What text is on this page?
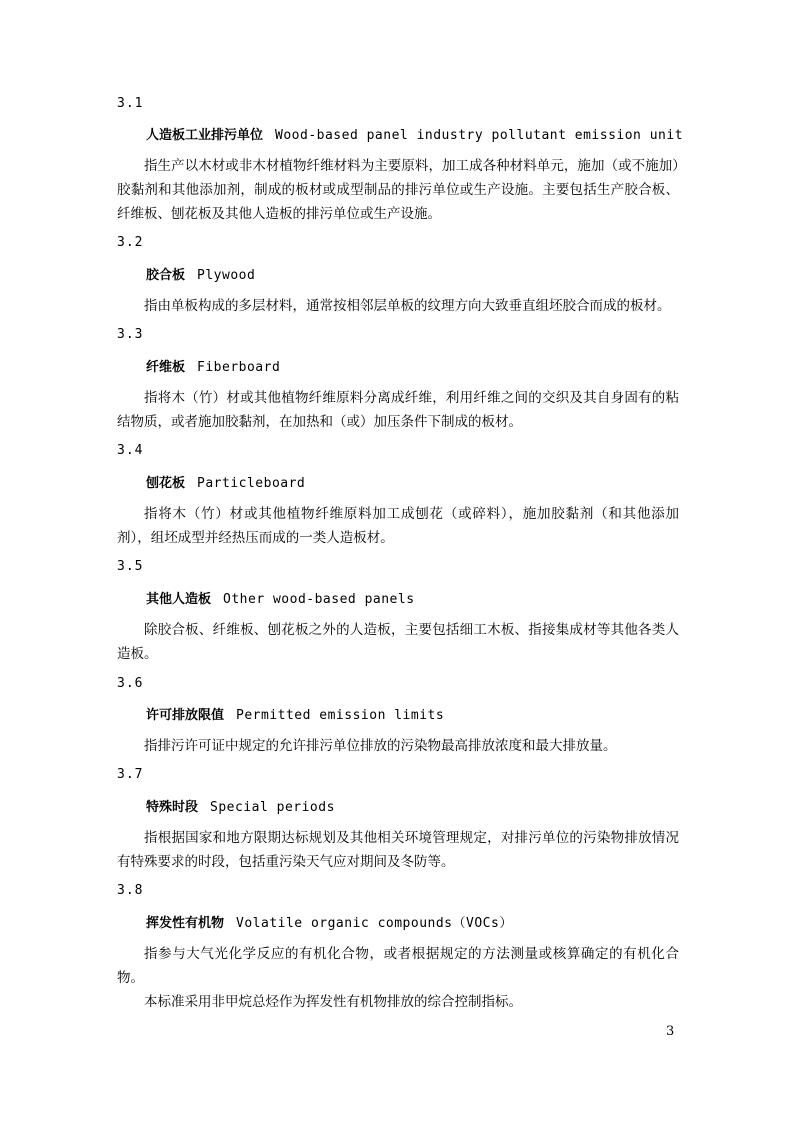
3.1
人造板工业排污单位 Wood-based panel industry pollutant emission unit
指生产以木材或非木材植物纤维材料为主要原料，加工成各种材料单元，施加（或不施加）胶黏剂和其他添加剂，制成的板材或成型制品的排污单位或生产设施。主要包括生产胶合板、纤维板、刨花板及其他人造板的排污单位或生产设施。
3.2
胶合板 Plywood
指由单板构成的多层材料，通常按相邻层单板的纹理方向大致垂直组坯胶合而成的板材。
3.3
纤维板 Fiberboard
指将木（竹）材或其他植物纤维原料分离成纤维，利用纤维之间的交织及其自身固有的粘结物质，或者施加胶黏剂，在加热和（或）加压条件下制成的板材。
3.4
刨花板 Particleboard
指将木（竹）材或其他植物纤维原料加工成刨花（或碎料），施加胶黏剂（和其他添加剂），组坯成型并经热压而成的一类人造板材。
3.5
其他人造板 Other wood-based panels
除胶合板、纤维板、刨花板之外的人造板，主要包括细工木板、指接集成材等其他各类人造板。
3.6
许可排放限值 Permitted emission limits
指排污许可证中规定的允许排污单位排放的污染物最高排放浓度和最大排放量。
3.7
特殊时段 Special periods
指根据国家和地方限期达标规划及其他相关环境管理规定，对排污单位的污染物排放情况有特殊要求的时段，包括重污染天气应对期间及冬防等。
3.8
挥发性有机物 Volatile organic compounds（VOCs）
指参与大气光化学反应的有机化合物，或者根据规定的方法测量或核算确定的有机化合物。
本标准采用非甲烷总烃作为挥发性有机物排放的综合控制指标。
3
